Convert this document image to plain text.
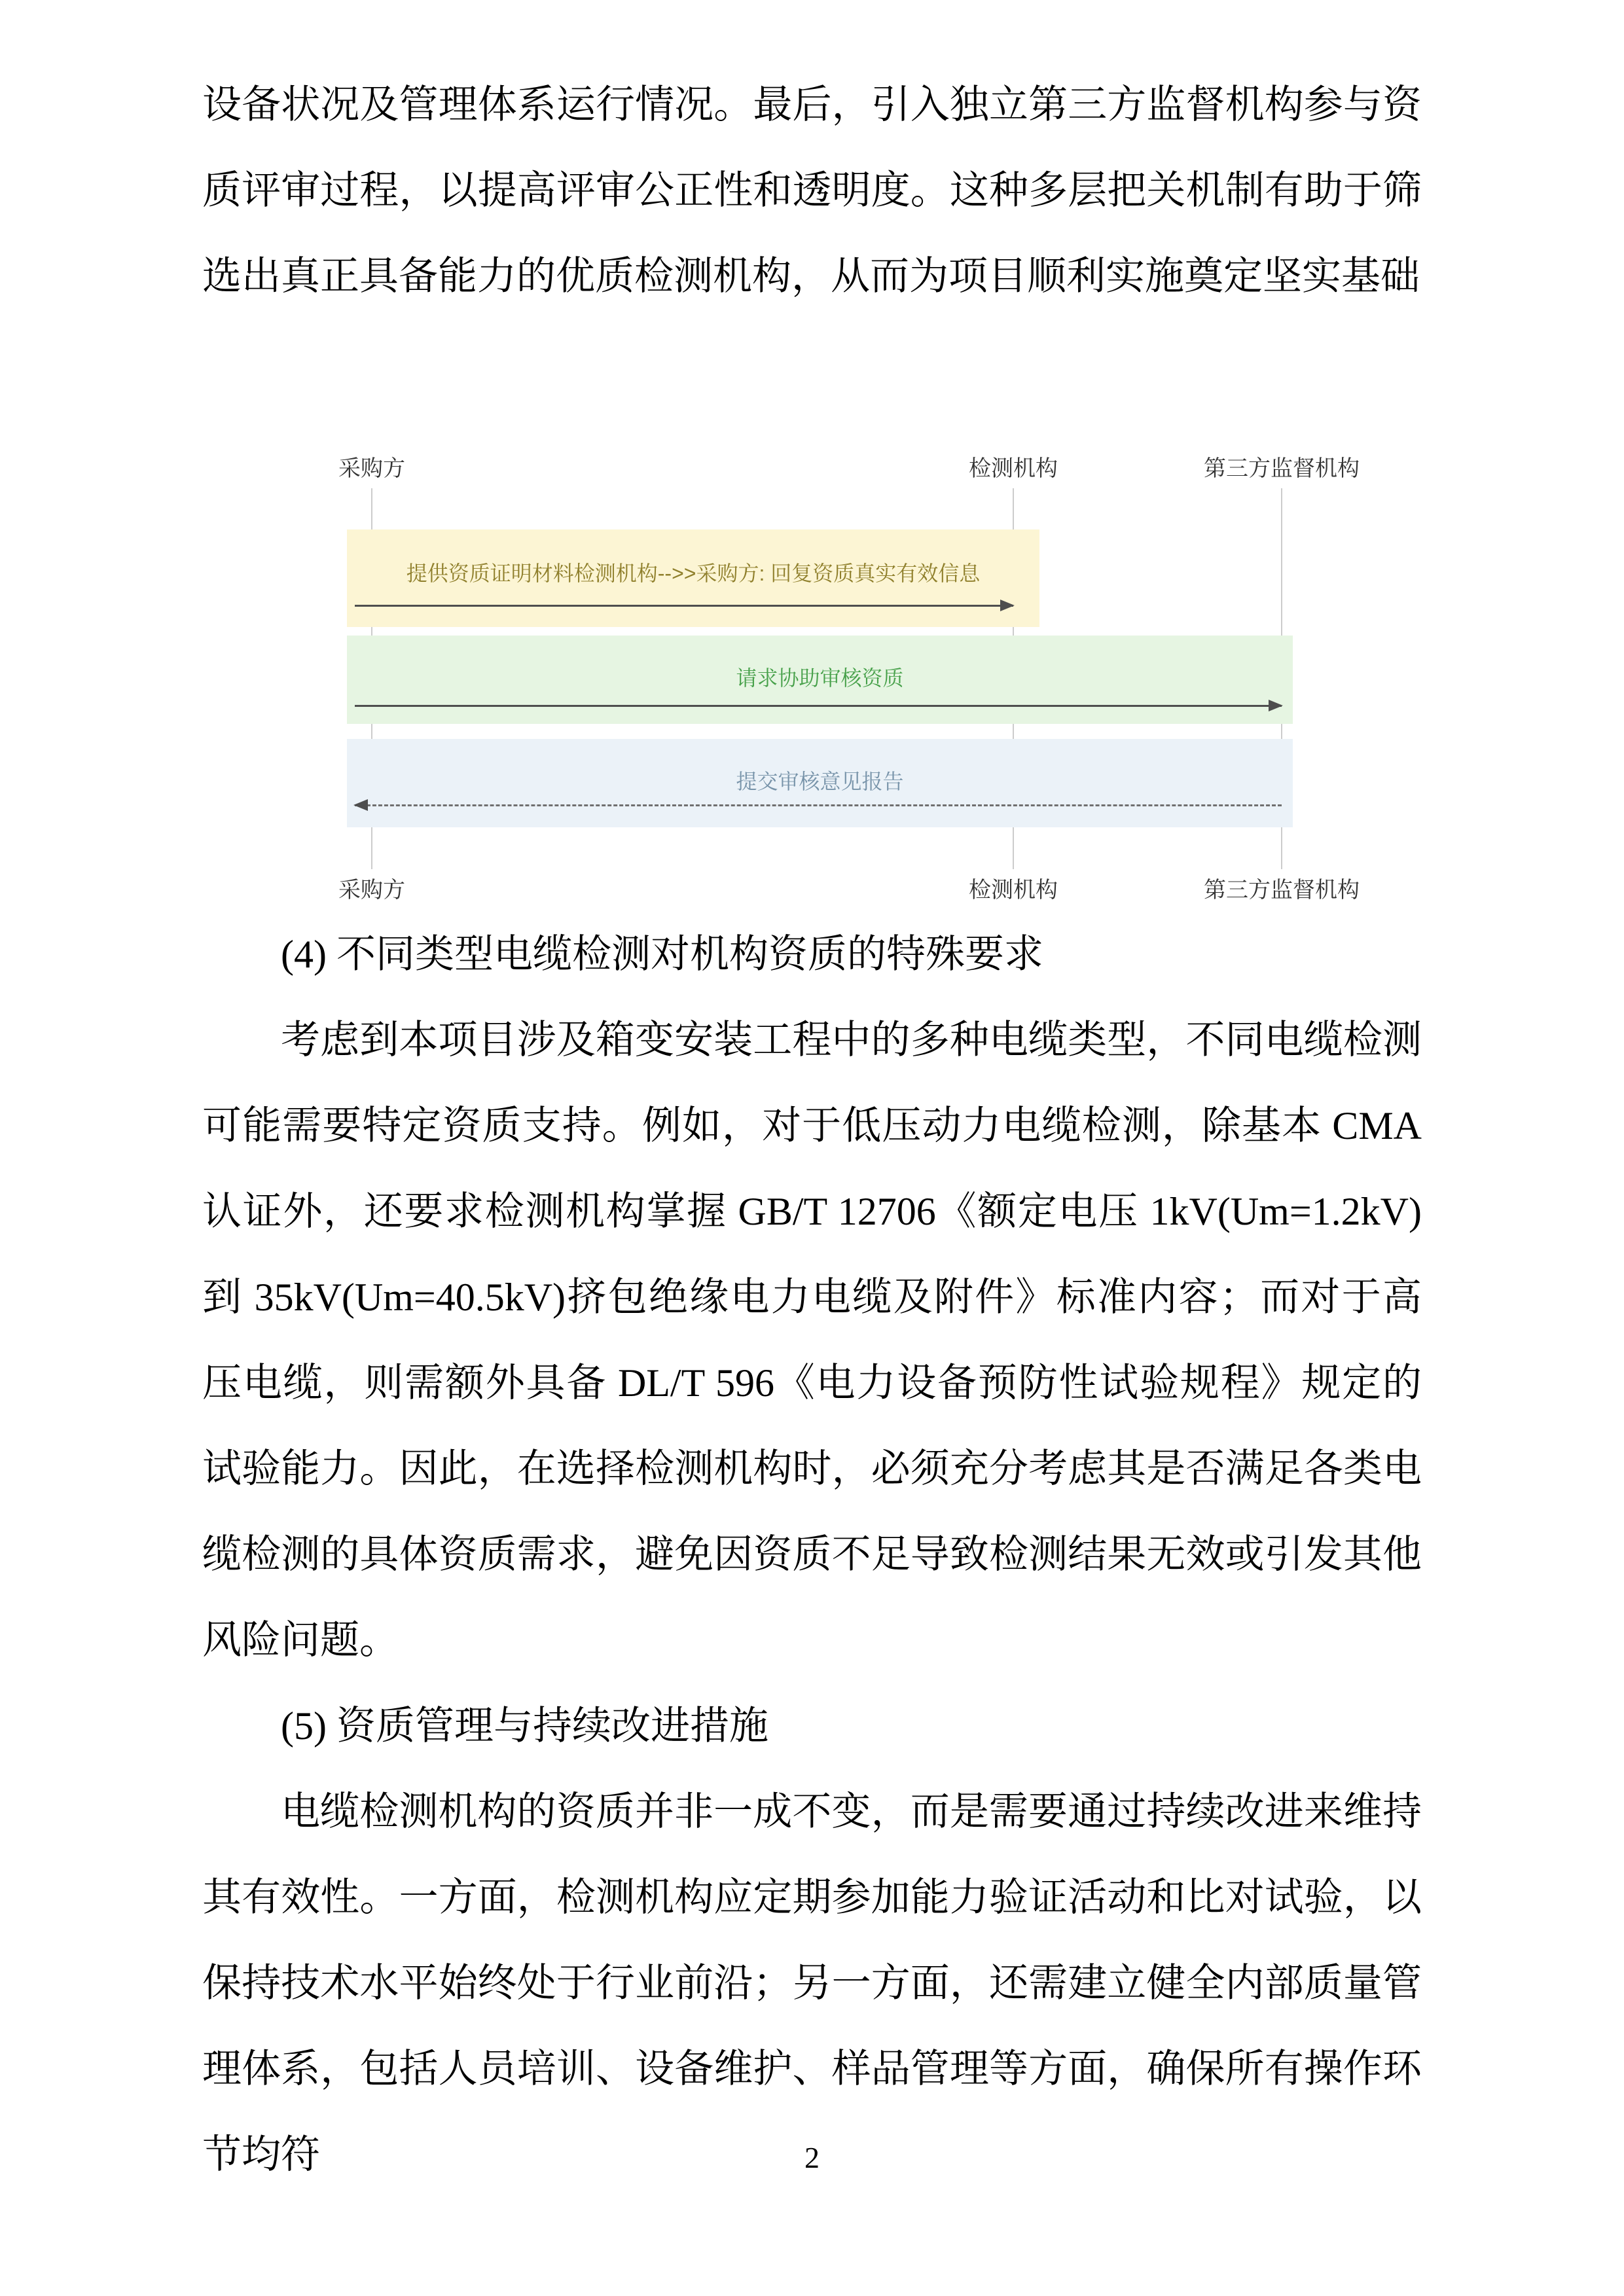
设备状况及管理体系运行情况。最后，引入独立第三方监督机构参与资质评审过程，以提高评审公正性和透明度。这种多层把关机制有助于筛选出真正具备能力的优质检测机构，从而为项目顺利实施奠定坚实基础

采购方	检测机构	第三方监督机构
提供资质证明材料检测机构-->>采购方: 回复资质真实有效信息
请求协助审核资质
提交审核意见报告
采购方	检测机构	第三方监督机构

(4) 不同类型电缆检测对机构资质的特殊要求

考虑到本项目涉及箱变安装工程中的多种电缆类型，不同电缆检测可能需要特定资质支持。例如，对于低压动力电缆检测，除基本 CMA 认证外，还要求检测机构掌握 GB/T 12706《额定电压 1kV(Um=1.2kV)到 35kV(Um=40.5kV)挤包绝缘电力电缆及附件》标准内容；而对于高压电缆，则需额外具备 DL/T 596《电力设备预防性试验规程》规定的试验能力。因此，在选择检测机构时，必须充分考虑其是否满足各类电缆检测的具体资质需求，避免因资质不足导致检测结果无效或引发其他风险问题。

(5) 资质管理与持续改进措施

电缆检测机构的资质并非一成不变，而是需要通过持续改进来维持其有效性。一方面，检测机构应定期参加能力验证活动和比对试验，以保持技术水平始终处于行业前沿；另一方面，还需建立健全内部质量管理体系，包括人员培训、设备维护、样品管理等方面，确保所有操作环节均符	2
